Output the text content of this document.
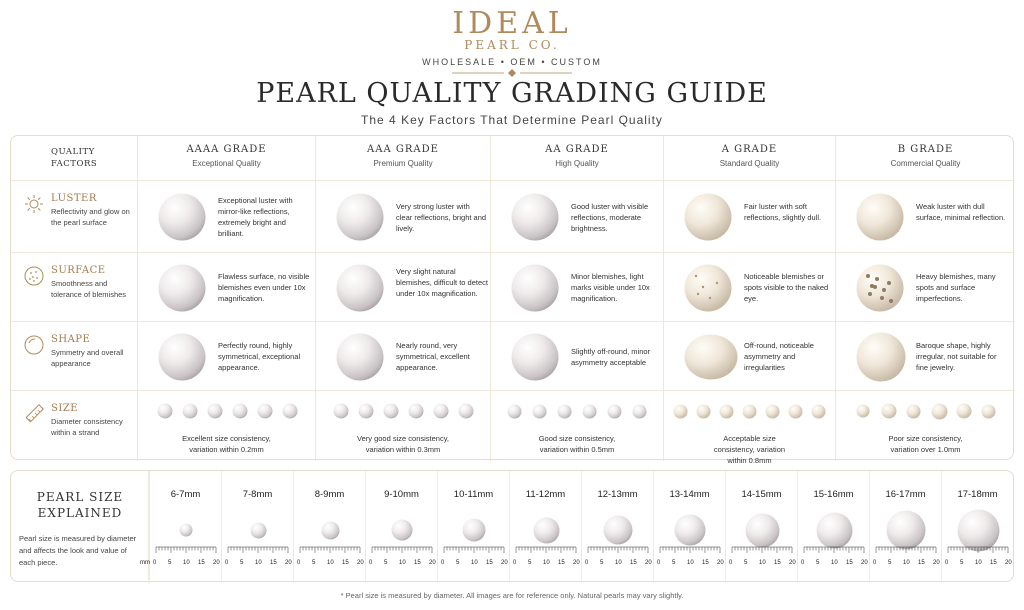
IDEAL
PEARL CO.
WHOLESALE • OEM • CUSTOM
PEARL QUALITY GRADING GUIDE
The 4 Key Factors That Determine Pearl Quality
QUALITY
FACTORS
AAAA GRADE
Exceptional Quality
AAA GRADE
Premium Quality
AA GRADE
High Quality
A GRADE
Standard Quality
B GRADE
Commercial Quality
LUSTER
Reflectivity and glow on the pearl surface
Exceptional luster with mirror-like reflections, extremely bright and brilliant.
Very strong luster with clear reflections, bright and lively.
Good luster with visible reflections, moderate brightness.
Fair luster with soft reflections, slightly dull.
Weak luster with dull surface, minimal reflection.
SURFACE
Smoothness and tolerance of blemishes
Flawless surface, no visible blemishes even under 10x magnification.
Very slight natural blemishes, difficult to detect under 10x magnification.
Minor blemishes, light marks visible under 10x magnification.
Noticeable blemishes or spots visible to the naked eye.
Heavy blemishes, many spots and surface imperfections.
SHAPE
Symmetry and overall appearance
Perfectly round, highly symmetrical, exceptional appearance.
Nearly round, very symmetrical, excellent appearance.
Slightly off-round, minor asymmetry acceptable
Off-round, noticeable asymmetry and irregularities
Baroque shape, highly irregular, not suitable for fine jewelry.
SIZE
Diameter consistency within a strand
Excellent size consistency, variation within 0.2mm
Very good size consistency, variation within 0.3mm
Good size consistency, variation within 0.5mm
Acceptable size consistency, variation within 0.8mm
Poor size consistency, variation over 1.0mm
PEARL SIZE
EXPLAINED
Pearl size is measured by diameter and affects the look and value of each piece.
6-7mm
0 5 10 15 20
mm
7-8mm
0 5 10 15 20
8-9mm
0 5 10 15 20
9-10mm
0 5 10 15 20
10-11mm
0 5 10 15 20
11-12mm
0 5 10 15 20
12-13mm
0 5 10 15 20
13-14mm
0 5 10 15 20
14-15mm
0 5 10 15 20
15-16mm
0 5 10 15 20
16-17mm
0 5 10 15 20
17-18mm
0 5 10 15 20
* Pearl size is measured by diameter. All images are for reference only. Natural pearls may vary slightly.
